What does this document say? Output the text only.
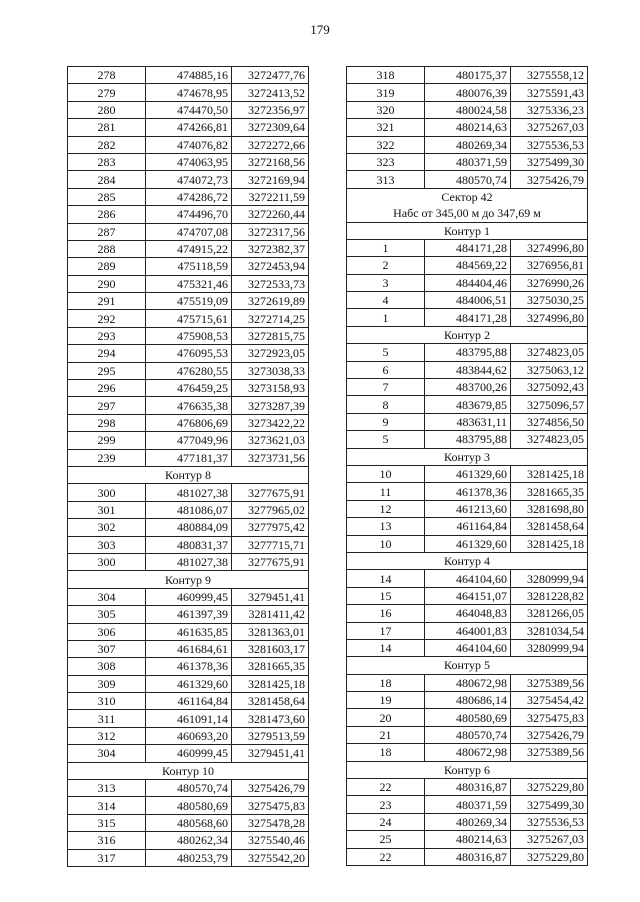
179
278	474885,16	3272477,76
279	474678,95	3272413,52
280	474470,50	3272356,97
281	474266,81	3272309,64
282	474076,82	3272272,66
283	474063,95	3272168,56
284	474072,73	3272169,94
285	474286,72	3272211,59
286	474496,70	3272260,44
287	474707,08	3272317,56
288	474915,22	3272382,37
289	475118,59	3272453,94
290	475321,46	3272533,73
291	475519,09	3272619,89
292	475715,61	3272714,25
293	475908,53	3272815,75
294	476095,53	3272923,05
295	476280,55	3273038,33
296	476459,25	3273158,93
297	476635,38	3273287,39
298	476806,69	3273422,22
299	477049,96	3273621,03
239	477181,37	3273731,56
Контур 8		
300	481027,38	3277675,91
301	481086,07	3277965,02
302	480884,09	3277975,42
303	480831,37	3277715,71
300	481027,38	3277675,91
Контур 9		
304	460999,45	3279451,41
305	461397,39	3281411,42
306	461635,85	3281363,01
307	461684,61	3281603,17
308	461378,36	3281665,35
309	461329,60	3281425,18
310	461164,84	3281458,64
311	461091,14	3281473,60
312	460693,20	3279513,59
304	460999,45	3279451,41
Контур 10		
313	480570,74	3275426,79
314	480580,69	3275475,83
315	480568,60	3275478,28
316	480262,34	3275540,46
317	480253,79	3275542,20
318	480175,37	3275558,12
319	480076,39	3275591,43
320	480024,58	3275336,23
321	480214,63	3275267,03
322	480269,34	3275536,53
323	480371,59	3275499,30
313	480570,74	3275426,79
Сектор 42		
Набс от 345,00 м до 347,69 м		
Контур 1		
1	484171,28	3274996,80
2	484569,22	3276956,81
3	484404,46	3276990,26
4	484006,51	3275030,25
1	484171,28	3274996,80
Контур 2		
5	483795,88	3274823,05
6	483844,62	3275063,12
7	483700,26	3275092,43
8	483679,85	3275096,57
9	483631,11	3274856,50
5	483795,88	3274823,05
Контур 3		
10	461329,60	3281425,18
11	461378,36	3281665,35
12	461213,60	3281698,80
13	461164,84	3281458,64
10	461329,60	3281425,18
Контур 4		
14	464104,60	3280999,94
15	464151,07	3281228,82
16	464048,83	3281266,05
17	464001,83	3281034,54
14	464104,60	3280999,94
Контур 5		
18	480672,98	3275389,56
19	480686,14	3275454,42
20	480580,69	3275475,83
21	480570,74	3275426,79
18	480672,98	3275389,56
Контур 6		
22	480316,87	3275229,80
23	480371,59	3275499,30
24	480269,34	3275536,53
25	480214,63	3275267,03
22	480316,87	3275229,80
